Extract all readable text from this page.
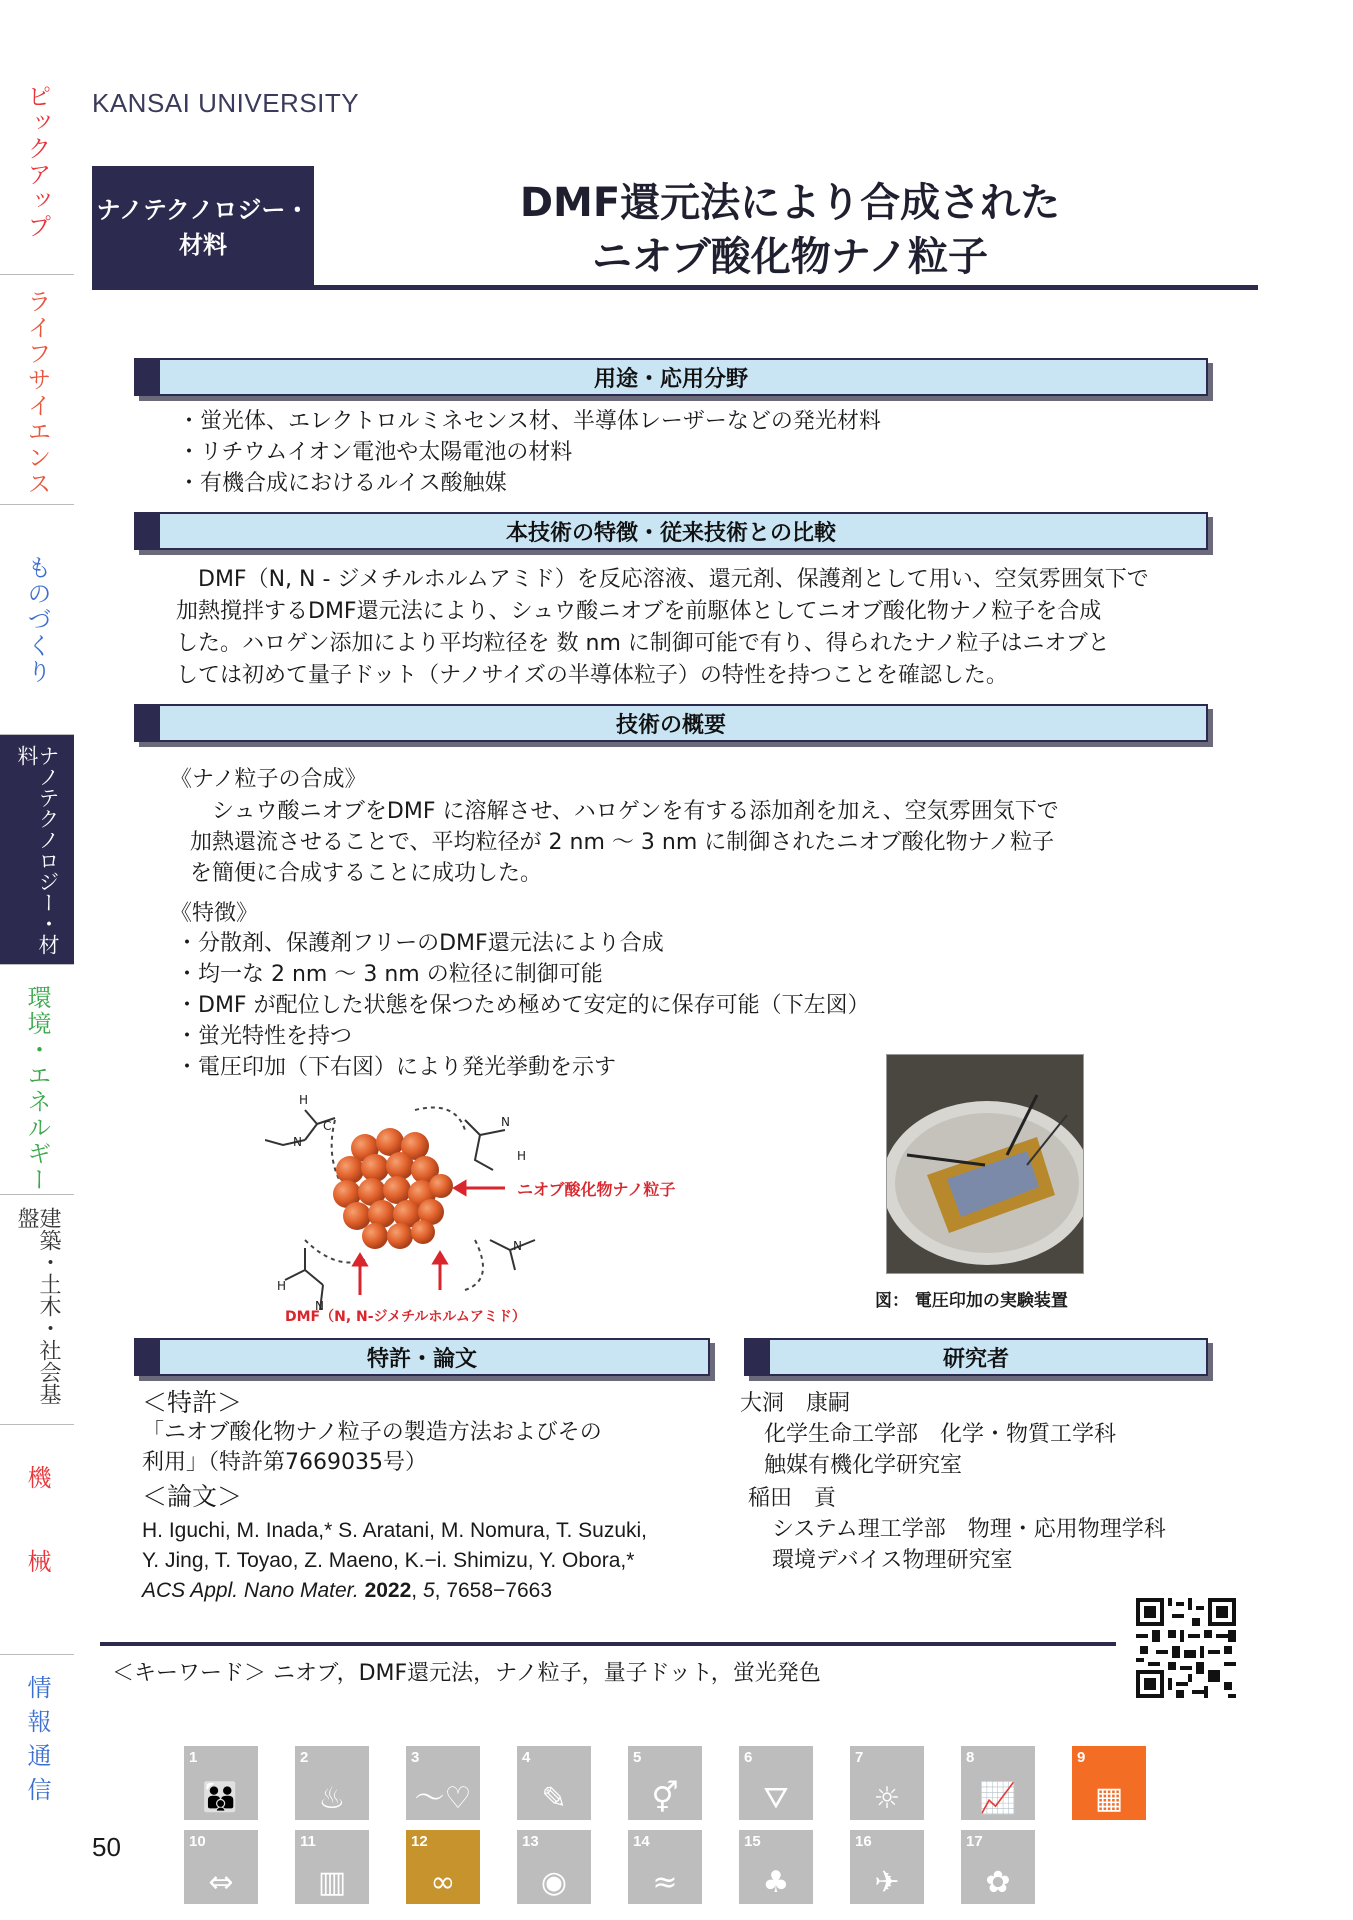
ピックアップ
ライフサイエンス
ものづくり
ナノテクノロジー・材料
環境・エネルギー
建築・土木・社会基盤
機　械
情報通信
KANSAI UNIVERSITY
ナノテクノロジー・
材料
DMF還元法により合成された
ニオブ酸化物ナノ粒子
用途・応用分野

・蛍光体、エレクトロルミネセンス材、半導体レーザーなどの発光材料

・リチウムイオン電池や太陽電池の材料

・有機合成におけるルイス酸触媒

本技術の特徴・従来技術との比較

　DMF（N, N - ジメチルホルムアミド）を反応溶液、還元剤、保護剤として用い、空気雰囲気下で

加熱撹拌するDMF還元法により、シュウ酸ニオブを前駆体としてニオブ酸化物ナノ粒子を合成

した。ハロゲン添加により平均粒径を 数 nm に制御可能で有り、得られたナノ粒子はニオブと

しては初めて量子ドット（ナノサイズの半導体粒子）の特性を持つことを確認した。

技術の概要

《ナノ粒子の合成》

　シュウ酸ニオブをDMF に溶解させ、ハロゲンを有する添加剤を加え、空気雰囲気下で

加熱還流させることで、平均粒径が 2 nm ～ 3 nm に制御されたニオブ酸化物ナノ粒子

を簡便に合成することに成功した。

《特徴》

・分散剤、保護剤フリーのDMF還元法により合成

・均一な 2 nm ～ 3 nm の粒径に制御可能

・DMF が配位した状態を保つため極めて安定的に保存可能（下左図）

・蛍光特性を持つ

・電圧印加（下右図）により発光挙動を示す

H
C
N
N
H
H
N
N
ニオブ酸化物ナノ粒子
DMF（N, N-ジメチルホルムアミド）
図： 電圧印加の実験装置
特許・論文

＜特許＞

「ニオブ酸化物ナノ粒子の製造方法およびその

利用」（特許第7669035号）

＜論文＞

H. Iguchi, M. Inada,* S. Aratani, M. Nomura, T. Suzuki,

Y. Jing, T. Toyao, Z. Maeno, K.−i. Shimizu, Y. Obora,*

ACS Appl. Nano Mater. 2022, 5, 7658−7663

研究者

大洞　康嗣

化学生命工学部　化学・物質工学科

触媒有機化学研究室

稲田　貢

システム理工学部　物理・応用物理学科

環境デバイス物理研究室

＜キーワード＞ ニオブ，DMF還元法，ナノ粒子，量子ドット，蛍光発色
1
👪
2
♨
3
〜♡
4
✎
5
⚥
6
⛛
7
☼
8
📈
9
▦
10
⇔
11
▥
12
∞
13
◉
14
≈
15
♣
16
✈
17
✿
50
